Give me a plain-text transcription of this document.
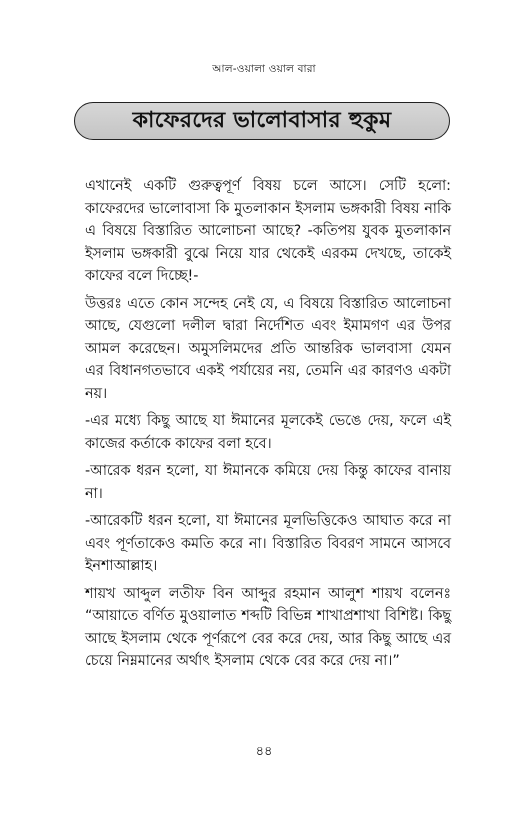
আল-ওয়ালা ওয়াল বারা
কাফেরদের ভালোবাসার হুকুম

এখানেই একটি গুরুত্বপূর্ণ বিষয় চলে আসে। সেটি হলো: কাফেরদের ভালোবাসা কি মুতলাকান ইসলাম ভঙ্গকারী বিষয় নাকি এ বিষয়ে বিস্তারিত আলোচনা আছে? -কতিপয় যুবক মুতলাকান ইসলাম ভঙ্গকারী বুঝে নিয়ে যার থেকেই এরকম দেখছে, তাকেই কাফের বলে দিচ্ছে!-

উত্তরঃ এতে কোন সন্দেহ নেই যে, এ বিষয়ে বিস্তারিত আলোচনা আছে, যেগুলো দলীল দ্বারা নির্দেশিত এবং ইমামগণ এর উপর আমল করেছেন। অমুসলিমদের প্রতি আন্তরিক ভালবাসা যেমন এর বিধানগতভাবে একই পর্যায়ের নয়, তেমনি এর কারণও একটা নয়।

-এর মধ্যে কিছু আছে যা ঈমানের মূলকেই ভেঙে দেয়, ফলে এই কাজের কর্তাকে কাফের বলা হবে।

-আরেক ধরন হলো, যা ঈমানকে কমিয়ে দেয় কিন্তু কাফের বানায় না।

-আরেকটি ধরন হলো, যা ঈমানের মূলভিত্তিকেও আঘাত করে না এবং পূর্ণতাকেও কমতি করে না। বিস্তারিত বিবরণ সামনে আসবে ইনশাআল্লাহ।

শায়খ আব্দুল লতীফ বিন আব্দুর রহমান আলুশ শায়খ বলেনঃ “আয়াতে বর্ণিত মুওয়ালাত শব্দটি বিভিন্ন শাখাপ্রশাখা বিশিষ্ট। কিছু আছে ইসলাম থেকে পূর্ণরূপে বের করে দেয়, আর কিছু আছে এর চেয়ে নিম্নমানের অর্থাৎ ইসলাম থেকে বের করে দেয় না।”

৪৪
